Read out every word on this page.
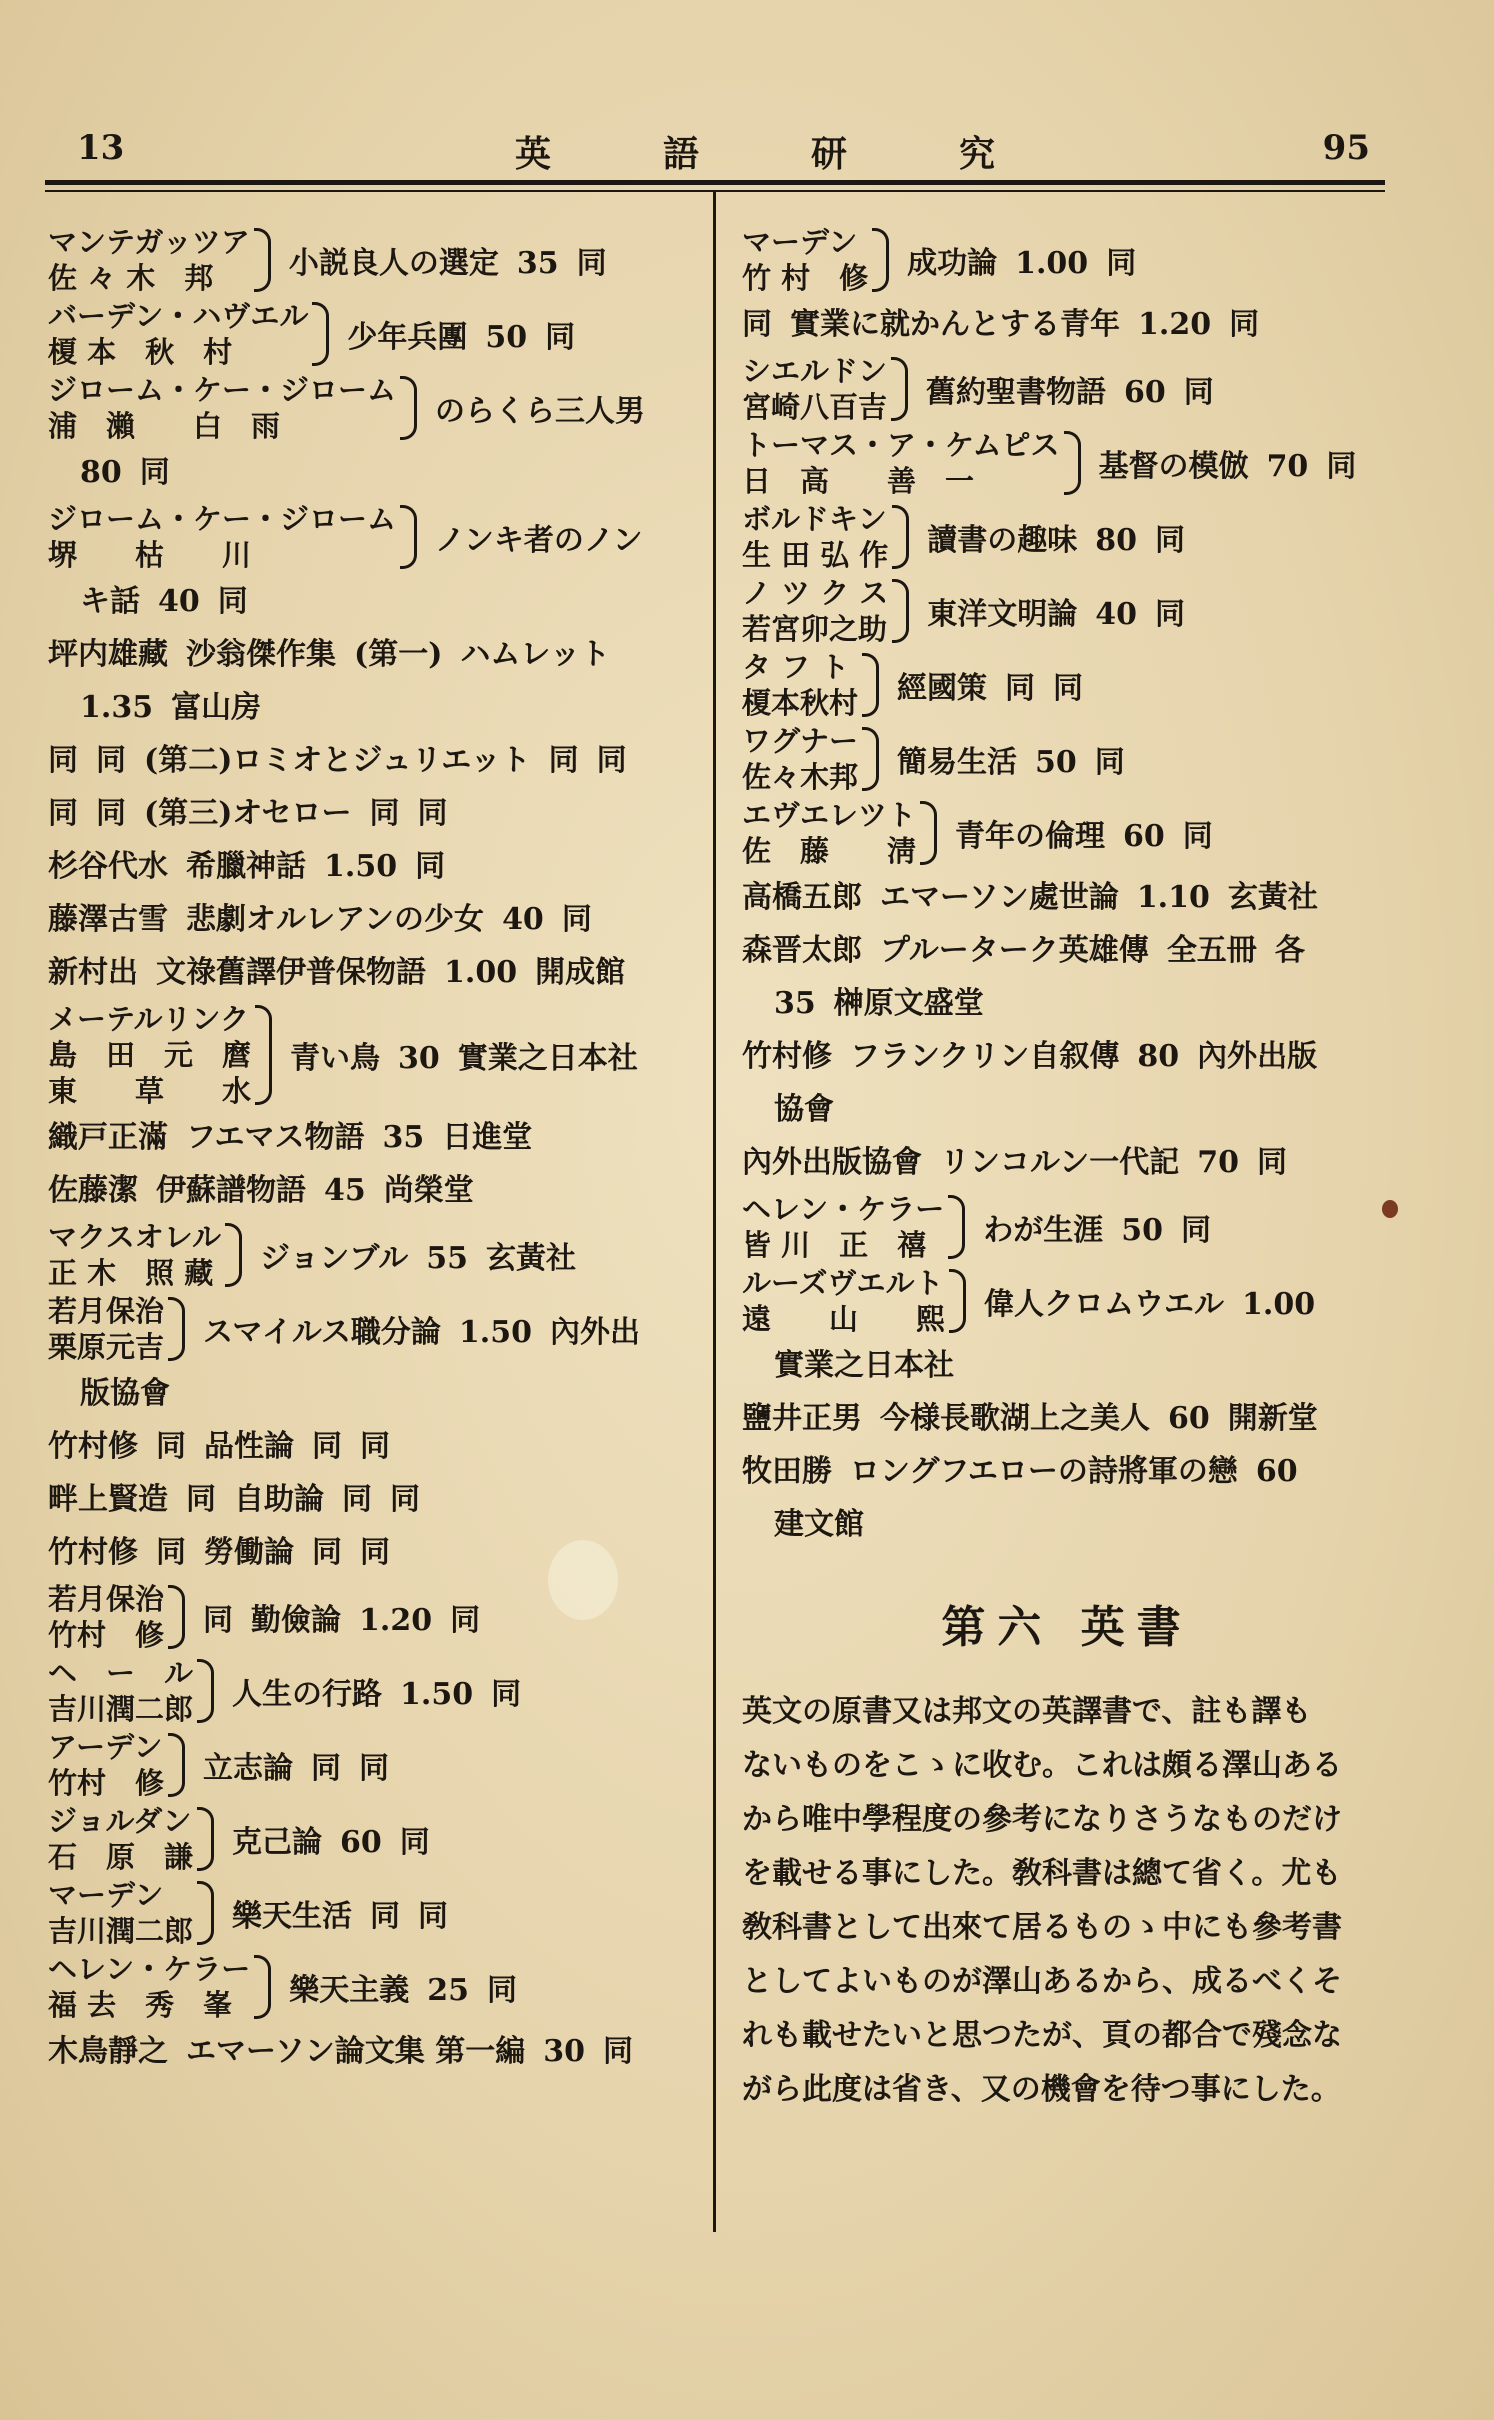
13	英	語	研	究	95
マンテガッツア
佐 々 木　邦	小説良人の選定 35 同
バーデン・ハヴエル
榎 本　秋　村	少年兵團 50 同
ジローム・ケー・ジローム
浦　瀨　　白　雨	のらくら三人男
80 同
ジローム・ケー・ジローム
堺　　枯　　川	ノンキ者のノン
キ話 40 同
坪内雄藏 沙翁傑作集 (第一) ハムレット
1.35 富山房
同 同 (第二)ロミオとジュリエット 同 同
同 同 (第三)オセロー 同 同
杉谷代水 希臘神話 1.50 同
藤澤古雪 悲劇オルレアンの少女 40 同
新村出 文祿舊譯伊普保物語 1.00 開成館
メーテルリンク
島　田　元　麿
東　　草　　水
青い鳥 30 實業之日本社
織戸正滿 フエマス物語 35 日進堂
佐藤潔 伊蘇譜物語 45 尚榮堂
マクスオレル
正 木　照 藏 ジョンブル 55 玄黃社
若月保治
栗原元吉 スマイルス職分論 1.50 內外出
版協會
竹村修 同 品性論 同 同
畔上賢造 同 自助論 同 同
竹村修 同 勞働論 同 同
若月保治
竹村　修 同 勤儉論 1.20 同
ヘ　ー　ル
吉川潤二郎 人生の行路 1.50 同
アーデン
竹村　修 立志論 同 同
ジョルダン
石　原　謙 克己論 60 同
マーデン
吉川潤二郎 樂天生活 同 同
ヘレン・ケラー
福 去　秀　峯	樂天主義 25 同
木鳥靜之 エマーソン論文集 第一編 30 同
マーデン
竹 村　修 成功論 1.00 同
同 實業に就かんとする青年 1.20 同
シエルドン
宮崎八百吉 舊約聖書物語 60 同
トーマス・ア・ケムピス
日　高　　善　一	基督の模倣 70 同
ボルドキン
生 田 弘 作 讀書の趣味 80 同
ノ ツ ク ス
若宮卯之助 東洋文明論 40 同
タ フ ト
榎本秋村 經國策 同 同
ワグナー
佐々木邦 簡易生活 50 同
エヴエレツト
佐　藤　　淸 青年の倫理 60 同
高橋五郎 エマーソン處世論 1.10 玄黃社
森晋太郎 プルーターク英雄傳 全五冊 各
35 榊原文盛堂
竹村修 フランクリン自叙傳 80 內外出版
協會
內外出版協會 リンコルン一代記 70 同
ヘレン・ケラー
皆 川　正　禧	わが生涯 50 同
ルーズヴエルト
遠　　山　　熙 偉人クロムウエル 1.00
實業之日本社
鹽井正男 今様長歌湖上之美人 60 開新堂
牧田勝 ロングフエローの詩將軍の戀 60
建文館
第六 英書

英文の原書又は邦文の英譯書で、註も譯も

ないものをこゝに收む。これは頗る澤山ある

から唯中學程度の參考になりさうなものだけ

を載せる事にした。敎科書は總て省く。尤も

敎科書として出來て居るものゝ中にも參考書

としてよいものが澤山あるから、成るべくそ

れも載せたいと思つたが、頁の都合で殘念な

がら此度は省き、又の機會を待つ事にした。
